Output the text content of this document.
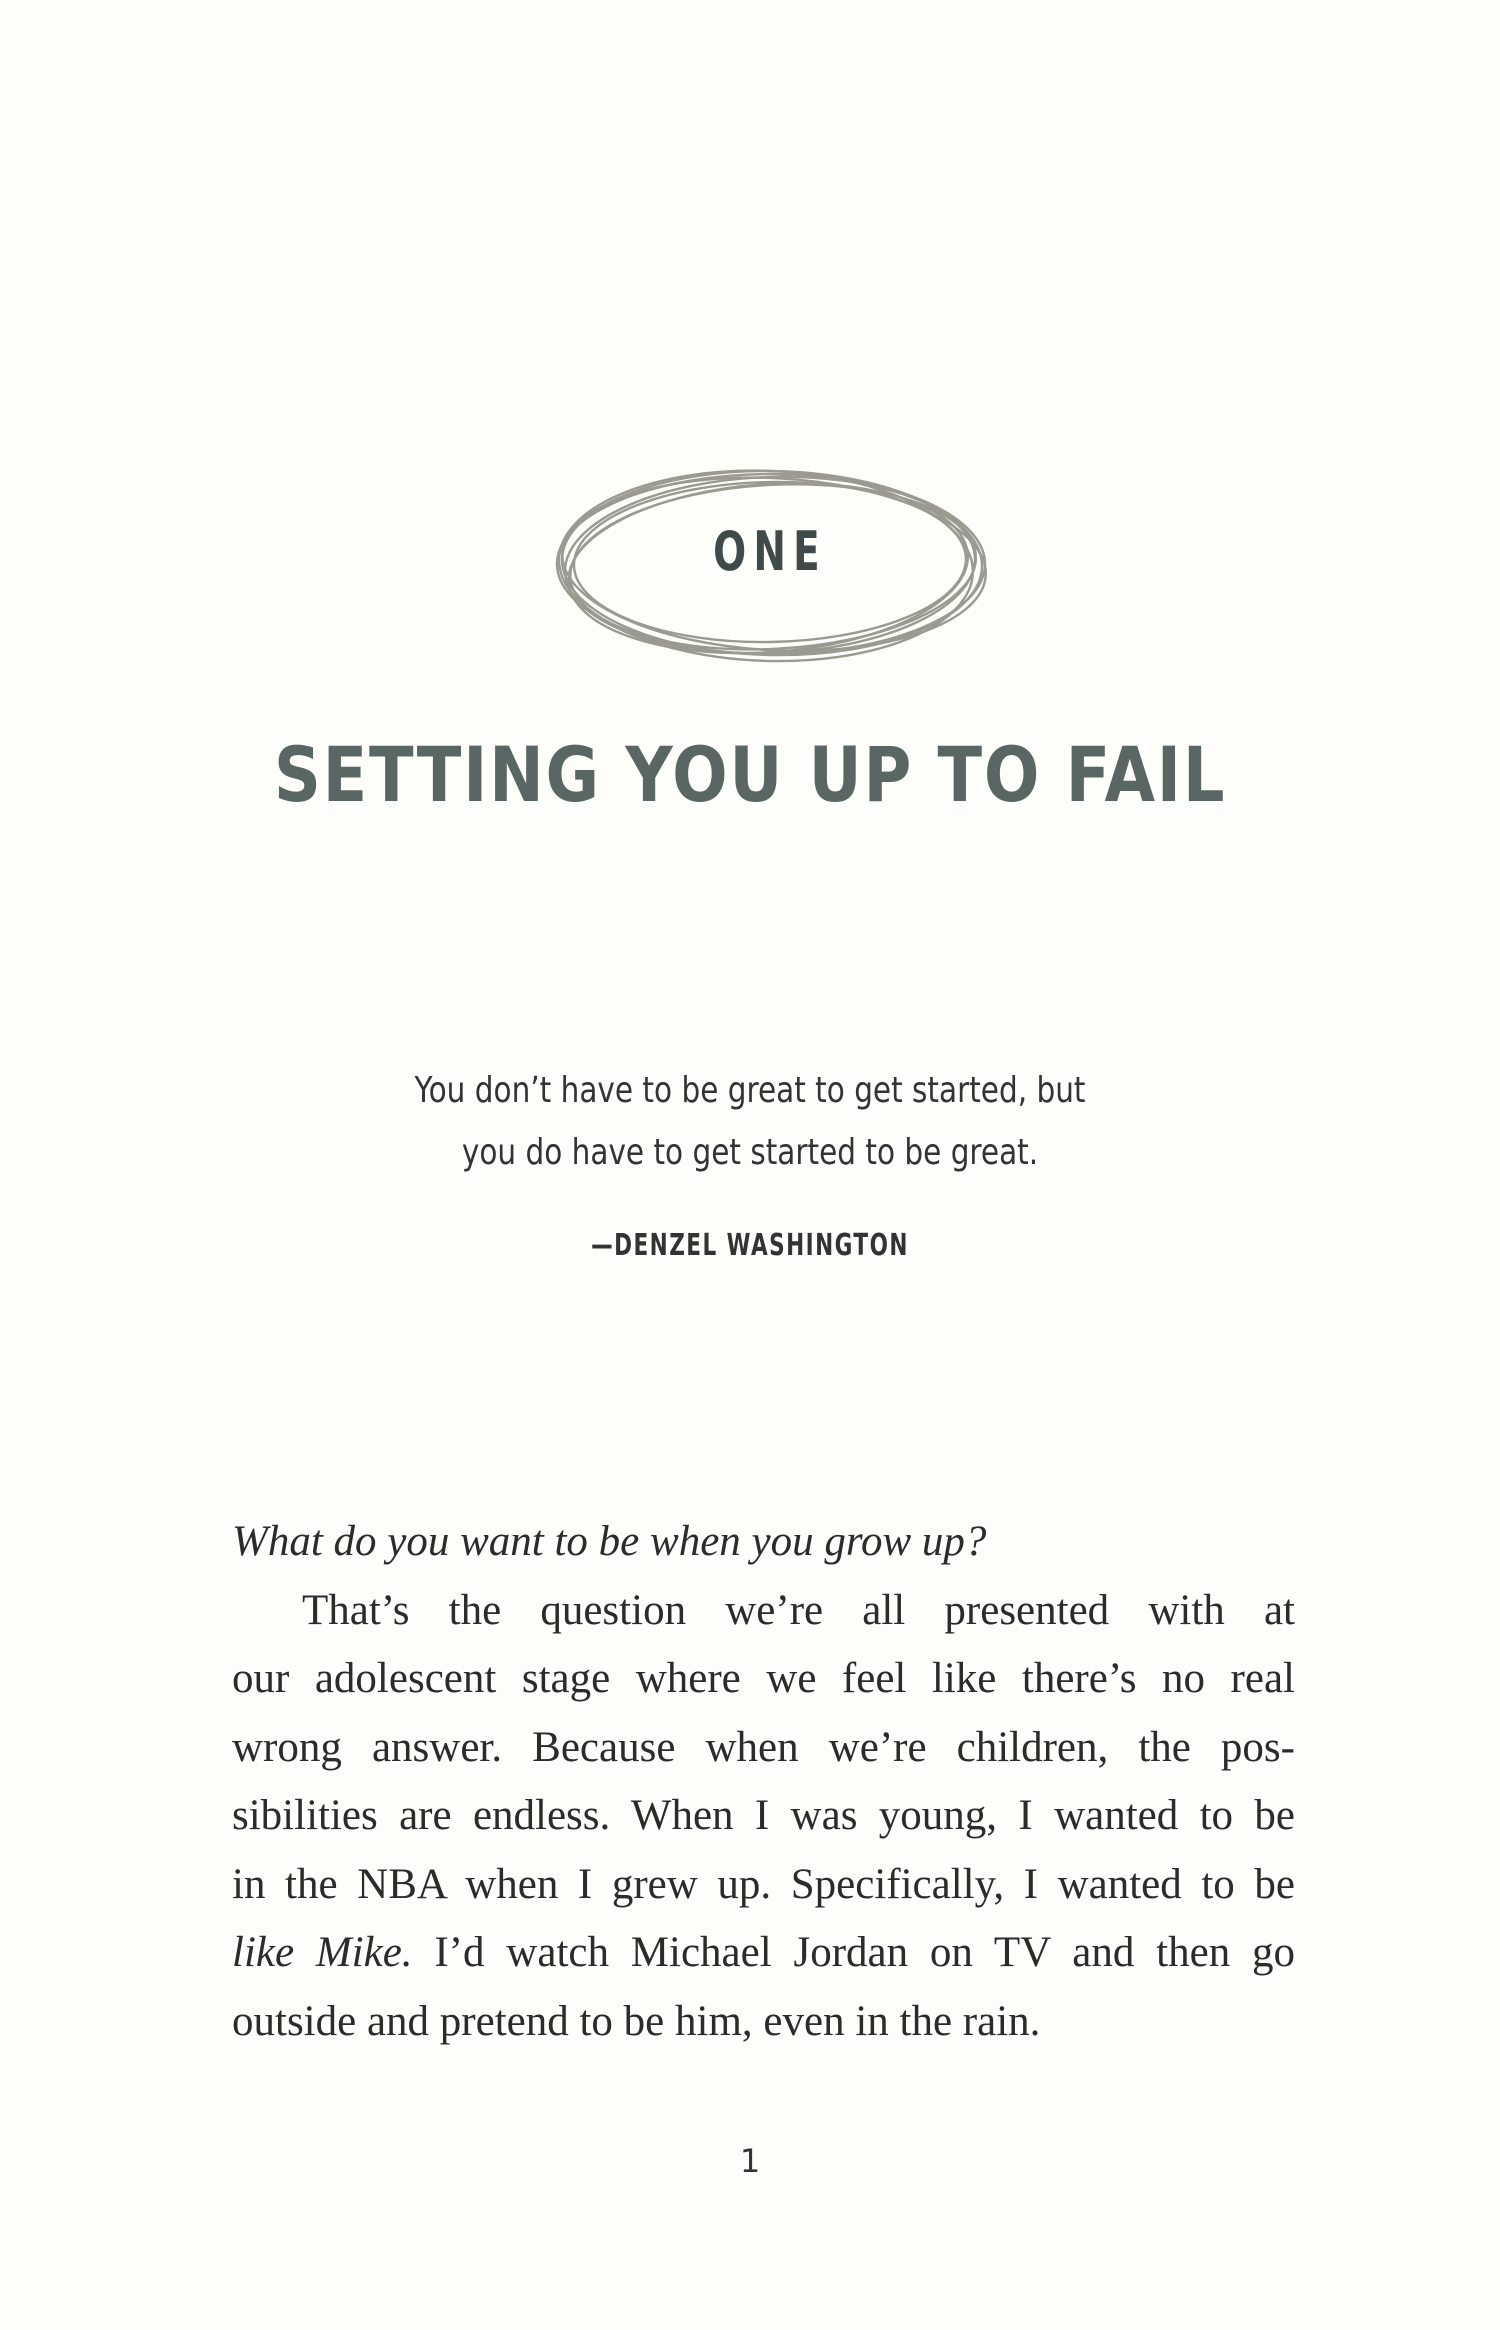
ONE
SETTING YOU UP TO FAIL
You don’t have to be great to get started, but
you do have to get started to be great.
—DENZEL WASHINGTON
What do you want to be when you grow up?
That’s the question we’re all presented with at
our adolescent stage where we feel like there’s no real
wrong answer. Because when we’re children, the pos-
sibilities are endless. When I was young, I wanted to be
in the NBA when I grew up. Specifically, I wanted to be
like Mike. I’d watch Michael Jordan on TV and then go
outside and pretend to be him, even in the rain.
1
